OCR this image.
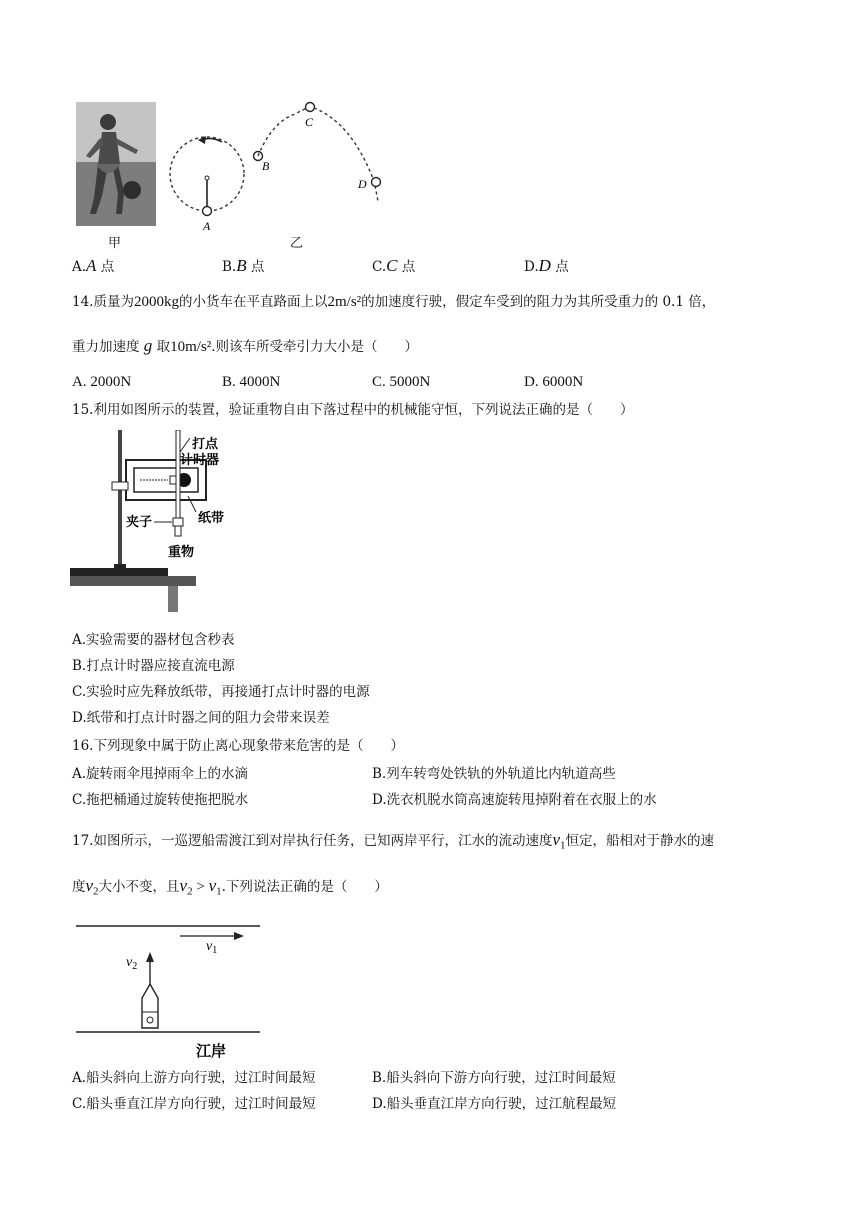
甲
A
B
C
D
乙
A.A 点	B.B 点	C.C 点	D.D 点
14.质量为2000kg的小货车在平直路面上以2m/s²的加速度行驶，假定车受到的阻力为其所受重力的 0.1 倍，
重力加速度 g 取10m/s².则该车所受牵引力大小是（　　）
A. 2000N	B. 4000N	C. 5000N	D. 6000N
15.利用如图所示的装置，验证重物自由下落过程中的机械能守恒，下列说法正确的是（　　）
打点
计时器
夹子	纸带
重物
A.实验需要的器材包含秒表
B.打点计时器应接直流电源
C.实验时应先释放纸带，再接通打点计时器的电源
D.纸带和打点计时器之间的阻力会带来误差
16.下列现象中属于防止离心现象带来危害的是（　　）
A.旋转雨伞甩掉雨伞上的水滴	B.列车转弯处铁轨的外轨道比内轨道高些
C.拖把桶通过旋转使拖把脱水	D.洗衣机脱水筒高速旋转甩掉附着在衣服上的水
17.如图所示，一巡逻船需渡江到对岸执行任务，已知两岸平行，江水的流动速度$v_1$恒定，船相对于静水的速
度$v_2$大小不变，且$v_2 > v_1$.下列说法正确的是（　　）
$v_1$
$v_2$
江岸
A.船头斜向上游方向行驶，过江时间最短	B.船头斜向下游方向行驶，过江时间最短
C.船头垂直江岸方向行驶，过江时间最短	D.船头垂直江岸方向行驶，过江航程最短
